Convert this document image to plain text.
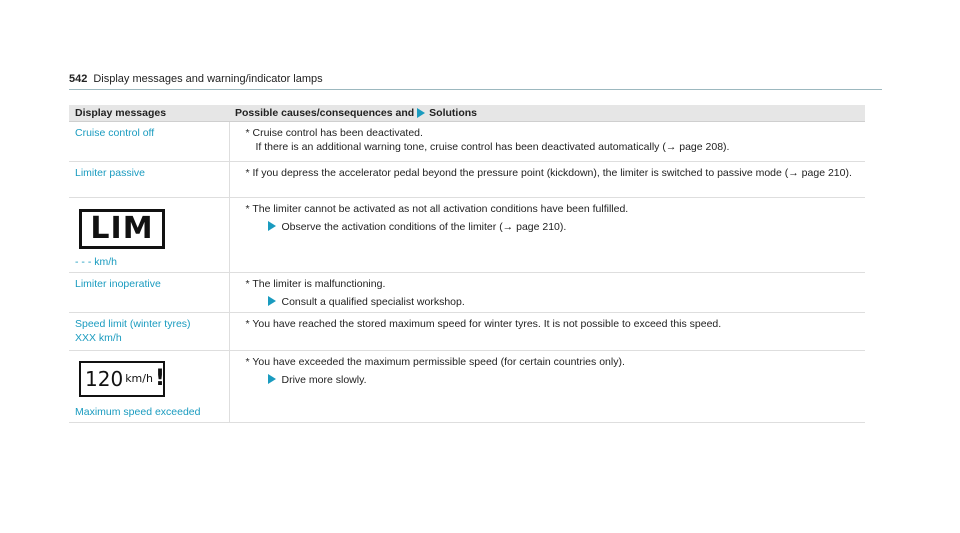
542 Display messages and warning/indicator lamps
Display messages	Possible causes/consequences and Solutions
Cruise control off	* Cruise control has been deactivated.
If there is an additional warning tone, cruise control has been deactivated automatically (→ page 208).

Limiter passive	* If you depress the accelerator pedal beyond the pressure point (kickdown), the limiter is switched to passive mode (→ page 210).

LIM
- - - km/h	* The limiter cannot be activated as not all activation conditions have been fulfilled.
Observe the activation conditions of the limiter (→ page 210).

Limiter inoperative	* The limiter is malfunctioning.
Consult a qualified specialist workshop.

Speed limit (winter tyres)
XXX km/h	* You have reached the stored maximum speed for winter tyres. It is not possible to exceed this speed.

120 km/h !
Maximum speed exceeded	* You have exceeded the maximum permissible speed (for certain countries only).
Drive more slowly.
